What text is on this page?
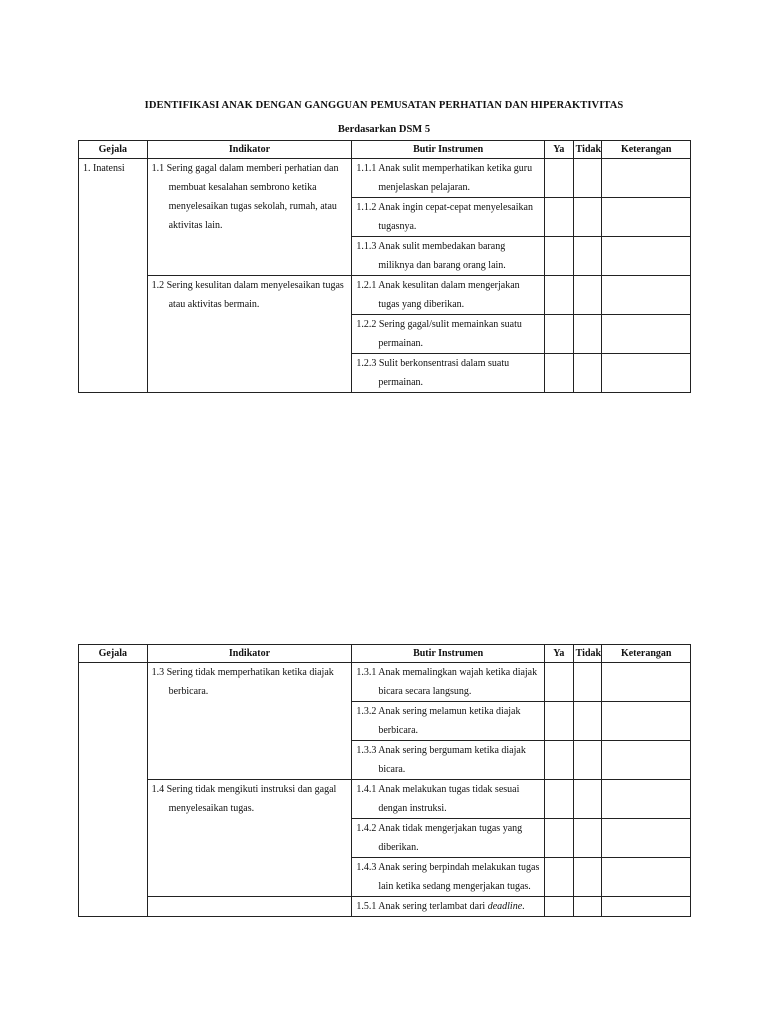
IDENTIFIKASI ANAK DENGAN GANGGUAN PEMUSATAN PERHATIAN DAN HIPERAKTIVITAS
Berdasarkan DSM 5
Gejala	Indikator	Butir Instrumen	Ya	Tidak	Keterangan
1. Inatensi	1.1 Sering gagal dalam memberi perhatian dan membuat kesalahan sembrono ketika menyelesaikan tugas sekolah, rumah, atau aktivitas lain.	1.1.1 Anak sulit memperhatikan ketika guru menjelaskan pelajaran.			

		1.1.2 Anak ingin cepat-cepat menyelesaikan tugasnya.			

		1.1.3 Anak sulit membedakan barang miliknya dan barang orang lain.			

	1.2 Sering kesulitan dalam menyelesaikan tugas atau aktivitas bermain.	1.2.1 Anak kesulitan dalam mengerjakan tugas yang diberikan.			

		1.2.2 Sering gagal/sulit memainkan suatu permainan.			

		1.2.3 Sulit berkonsentrasi dalam suatu permainan.			

Gejala	Indikator	Butir Instrumen	Ya	Tidak	Keterangan

	1.3 Sering tidak memperhatikan ketika diajak berbicara.	1.3.1 Anak memalingkan wajah ketika diajak bicara secara langsung.			

		1.3.2 Anak sering melamun ketika diajak berbicara.			

		1.3.3 Anak sering bergumam ketika diajak bicara.			

	1.4 Sering tidak mengikuti instruksi dan gagal menyelesaikan tugas.	1.4.1 Anak melakukan tugas tidak sesuai dengan instruksi.			

		1.4.2 Anak tidak mengerjakan tugas yang diberikan.			

		1.4.3 Anak sering berpindah melakukan tugas lain ketika sedang mengerjakan tugas.			

		1.5.1 Anak sering terlambat dari deadline.			
